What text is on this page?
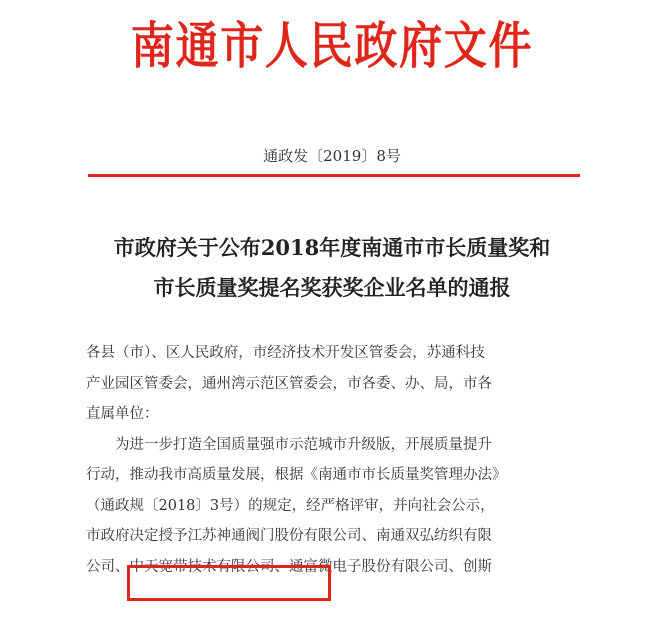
南通市人民政府文件
通政发〔2019〕8号
市政府关于公布2018年度南通市市长质量奖和
市长质量奖提名奖获奖企业名单的通报
各县（市）、区人民政府，市经济技术开发区管委会，苏通科技
产业园区管委会，通州湾示范区管委会，市各委、办、局，市各
直属单位：
为进一步打造全国质量强市示范城市升级版，开展质量提升
行动，推动我市高质量发展，根据《南通市市长质量奖管理办法》
（通政规〔2018〕3号）的规定，经严格评审，并向社会公示，
市政府决定授予江苏神通阀门股份有限公司、南通双弘纺织有限
公司、中天宽带技术有限公司、通富微电子股份有限公司、创斯
